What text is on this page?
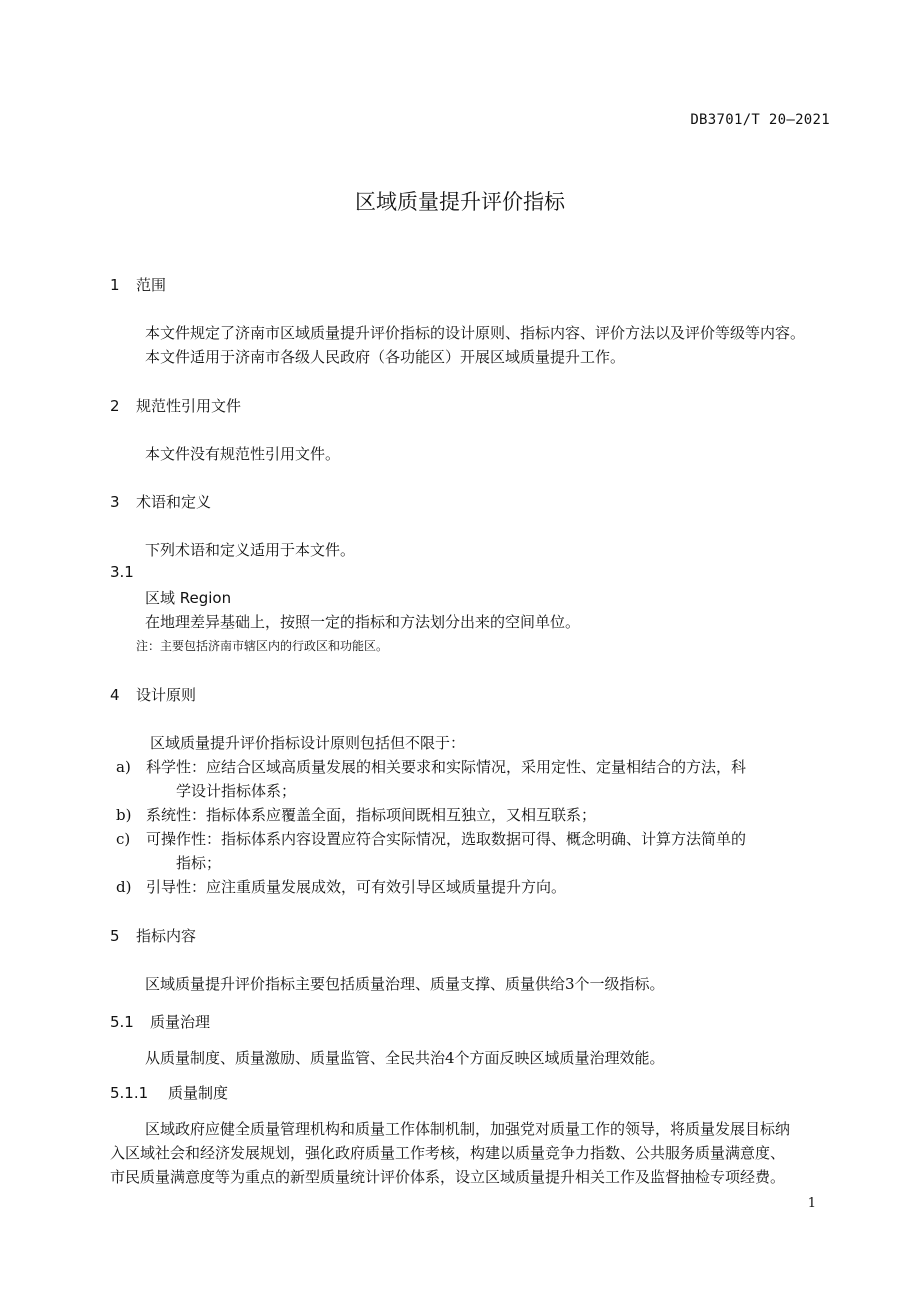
DB3701/T 20—2021
区域质量提升评价指标
1 范围
本文件规定了济南市区域质量提升评价指标的设计原则、指标内容、评价方法以及评价等级等内容。
本文件适用于济南市各级人民政府（各功能区）开展区域质量提升工作。
2 规范性引用文件
本文件没有规范性引用文件。
3 术语和定义
下列术语和定义适用于本文件。
3.1
区域 Region
在地理差异基础上，按照一定的指标和方法划分出来的空间单位。
注：主要包括济南市辖区内的行政区和功能区。
4 设计原则
区域质量提升评价指标设计原则包括但不限于：
a) 科学性：应结合区域高质量发展的相关要求和实际情况，采用定性、定量相结合的方法，科
学设计指标体系；
b) 系统性：指标体系应覆盖全面，指标项间既相互独立，又相互联系；
c) 可操作性：指标体系内容设置应符合实际情况，选取数据可得、概念明确、计算方法简单的
指标；
d) 引导性：应注重质量发展成效，可有效引导区域质量提升方向。
5 指标内容
区域质量提升评价指标主要包括质量治理、质量支撑、质量供给3个一级指标。
5.1 质量治理
从质量制度、质量激励、质量监管、全民共治4个方面反映区域质量治理效能。
5.1.1 质量制度
区域政府应健全质量管理机构和质量工作体制机制，加强党对质量工作的领导，将质量发展目标纳
入区域社会和经济发展规划，强化政府质量工作考核，构建以质量竞争力指数、公共服务质量满意度、
市民质量满意度等为重点的新型质量统计评价体系，设立区域质量提升相关工作及监督抽检专项经费。
1
